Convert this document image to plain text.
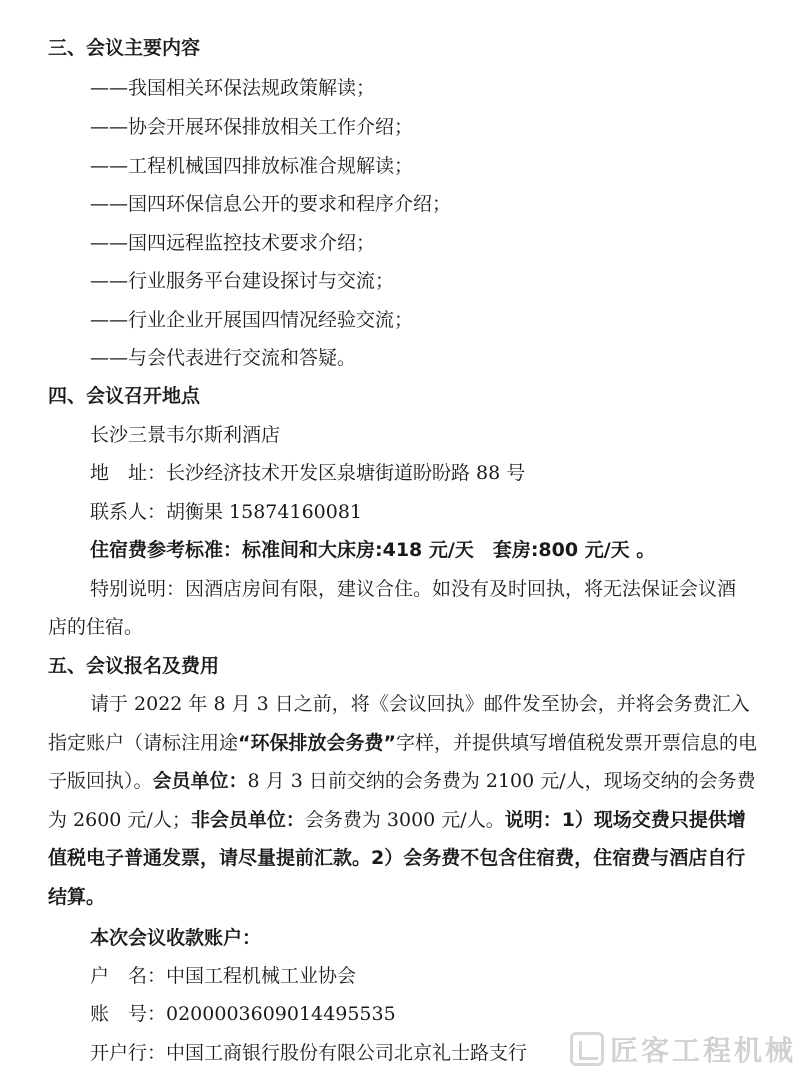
三、会议主要内容
——我国相关环保法规政策解读；
——协会开展环保排放相关工作介绍；
——工程机械国四排放标准合规解读；
——国四环保信息公开的要求和程序介绍；
——国四远程监控技术要求介绍；
——行业服务平台建设探讨与交流；
——行业企业开展国四情况经验交流；
——与会代表进行交流和答疑。
四、会议召开地点
长沙三景韦尔斯利酒店
地　址：长沙经济技术开发区泉塘街道盼盼路 88 号
联系人：胡衡果 15874160081
住宿费参考标准：标准间和大床房:418 元/天　套房:800 元/天 。
特别说明：因酒店房间有限，建议合住。如没有及时回执，将无法保证会议酒
店的住宿。
五、会议报名及费用
请于 2022 年 8 月 3 日之前，将《会议回执》邮件发至协会，并将会务费汇入指定账户（请标注用途“环保排放会务费”字样，并提供填写增值税发票开票信息的电子版回执）。会员单位：8 月 3 日前交纳的会务费为 2100 元/人，现场交纳的会务费为 2600 元/人；非会员单位：会务费为 3000 元/人。说明：1）现场交费只提供增值税电子普通发票，请尽量提前汇款。2）会务费不包含住宿费，住宿费与酒店自行结算。
本次会议收款账户：
户　名：中国工程机械工业协会
账　号：0200003609014495535
开户行：中国工商银行股份有限公司北京礼士路支行	匠客工程机械
